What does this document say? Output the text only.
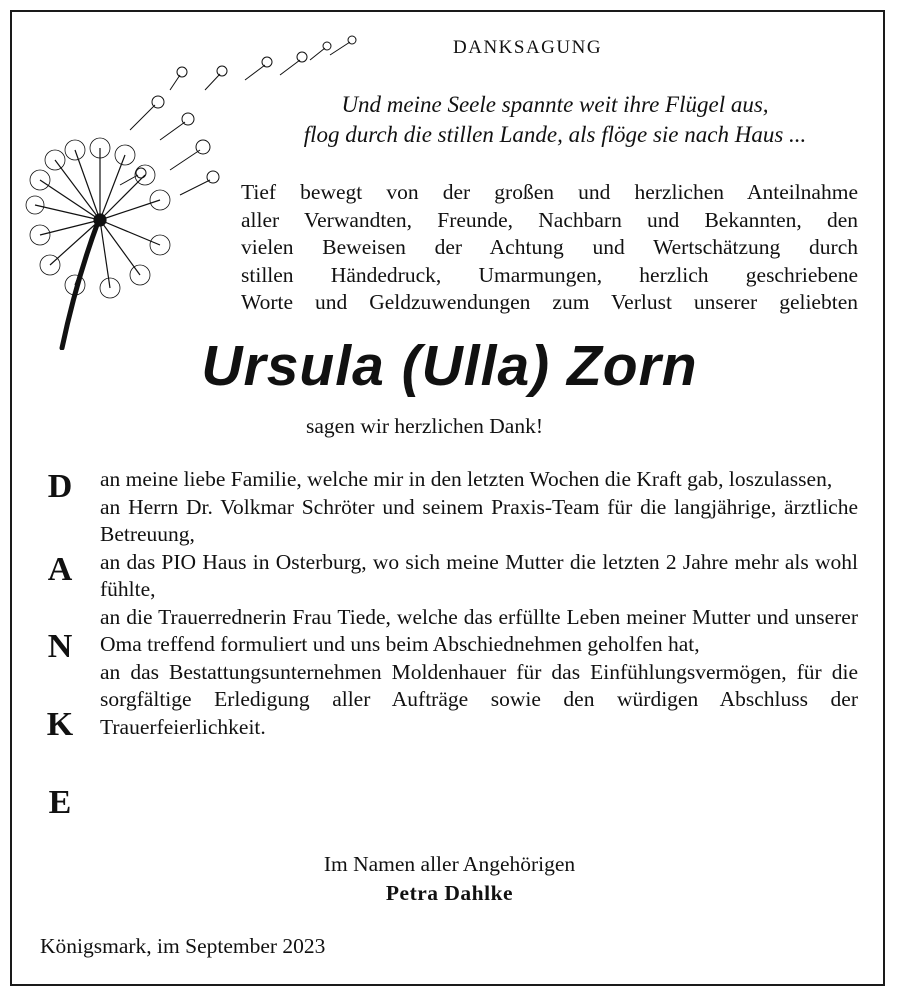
DANKSAGUNG
Und meine Seele spannte weit ihre Flügel aus,
flog durch die stillen Lande, als flöge sie nach Haus ...
Tief bewegt von der großen und herzlichen Anteilnahme
aller Verwandten, Freunde, Nachbarn und Bekannten, den
vielen Beweisen der Achtung und Wertschätzung durch
stillen Händedruck, Umarmungen, herzlich geschriebene
Worte und Geldzuwendungen zum Verlust unserer geliebten
Ursula (Ulla) Zorn
sagen wir herzlichen Dank!
D
A
N
K
E
an meine liebe Familie, welche mir in den letzten Wochen die Kraft gab, loszulassen,
an Herrn Dr. Volkmar Schröter und seinem Praxis-Team für die langjährige, ärztliche Betreuung,
an das PIO Haus in Osterburg, wo sich meine Mutter die letzten 2 Jahre mehr als wohl fühlte,
an die Trauerrednerin Frau Tiede, welche das erfüllte Leben meiner Mutter und unserer Oma treffend formuliert und uns beim Abschiednehmen geholfen hat,
an das Bestattungsunternehmen Moldenhauer für das Einfühlungsvermögen, für die sorgfältige Erledigung aller Aufträge sowie den würdigen Abschluss der Trauerfeierlichkeit.
Im Namen aller Angehörigen
Petra Dahlke
Königsmark, im September 2023
